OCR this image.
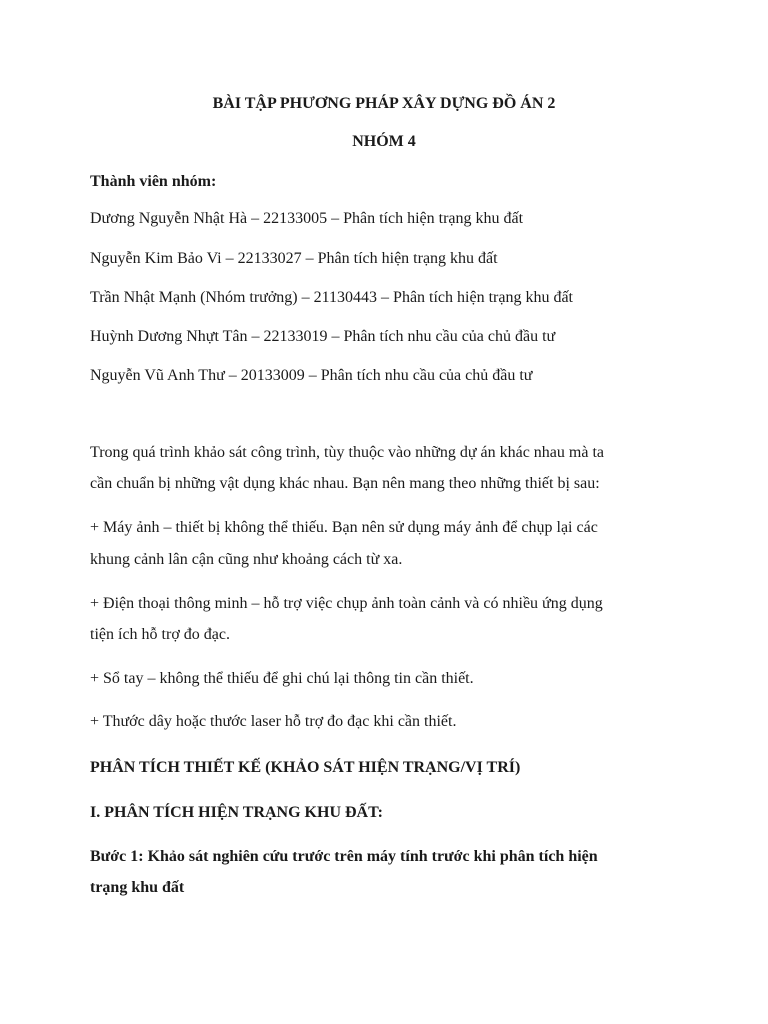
BÀI TẬP PHƯƠNG PHÁP XÂY DỰNG ĐỒ ÁN 2
NHÓM 4
Thành viên nhóm:
Dương Nguyễn Nhật Hà – 22133005 – Phân tích hiện trạng khu đất
Nguyễn Kim Bảo Vi – 22133027 – Phân tích hiện trạng khu đất
Trần Nhật Mạnh (Nhóm trưởng) – 21130443 – Phân tích hiện trạng khu đất
Huỳnh Dương Nhựt Tân – 22133019 – Phân tích nhu cầu của chủ đầu tư
Nguyễn Vũ Anh Thư – 20133009 – Phân tích nhu cầu của chủ đầu tư
Trong quá trình khảo sát công trình, tùy thuộc vào những dự án khác nhau mà ta
cần chuẩn bị những vật dụng khác nhau. Bạn nên mang theo những thiết bị sau:
+ Máy ảnh – thiết bị không thể thiếu. Bạn nên sử dụng máy ảnh để chụp lại các
khung cảnh lân cận cũng như khoảng cách từ xa.
+ Điện thoại thông minh – hỗ trợ việc chụp ảnh toàn cảnh và có nhiều ứng dụng
tiện ích hỗ trợ đo đạc.
+ Sổ tay – không thể thiếu để ghi chú lại thông tin cần thiết.
+ Thước dây hoặc thước laser hỗ trợ đo đạc khi cần thiết.
PHÂN TÍCH THIẾT KẾ (KHẢO SÁT HIỆN TRẠNG/VỊ TRÍ)
I. PHÂN TÍCH HIỆN TRẠNG KHU ĐẤT:
Bước 1: Khảo sát nghiên cứu trước trên máy tính trước khi phân tích hiện
trạng khu đất
